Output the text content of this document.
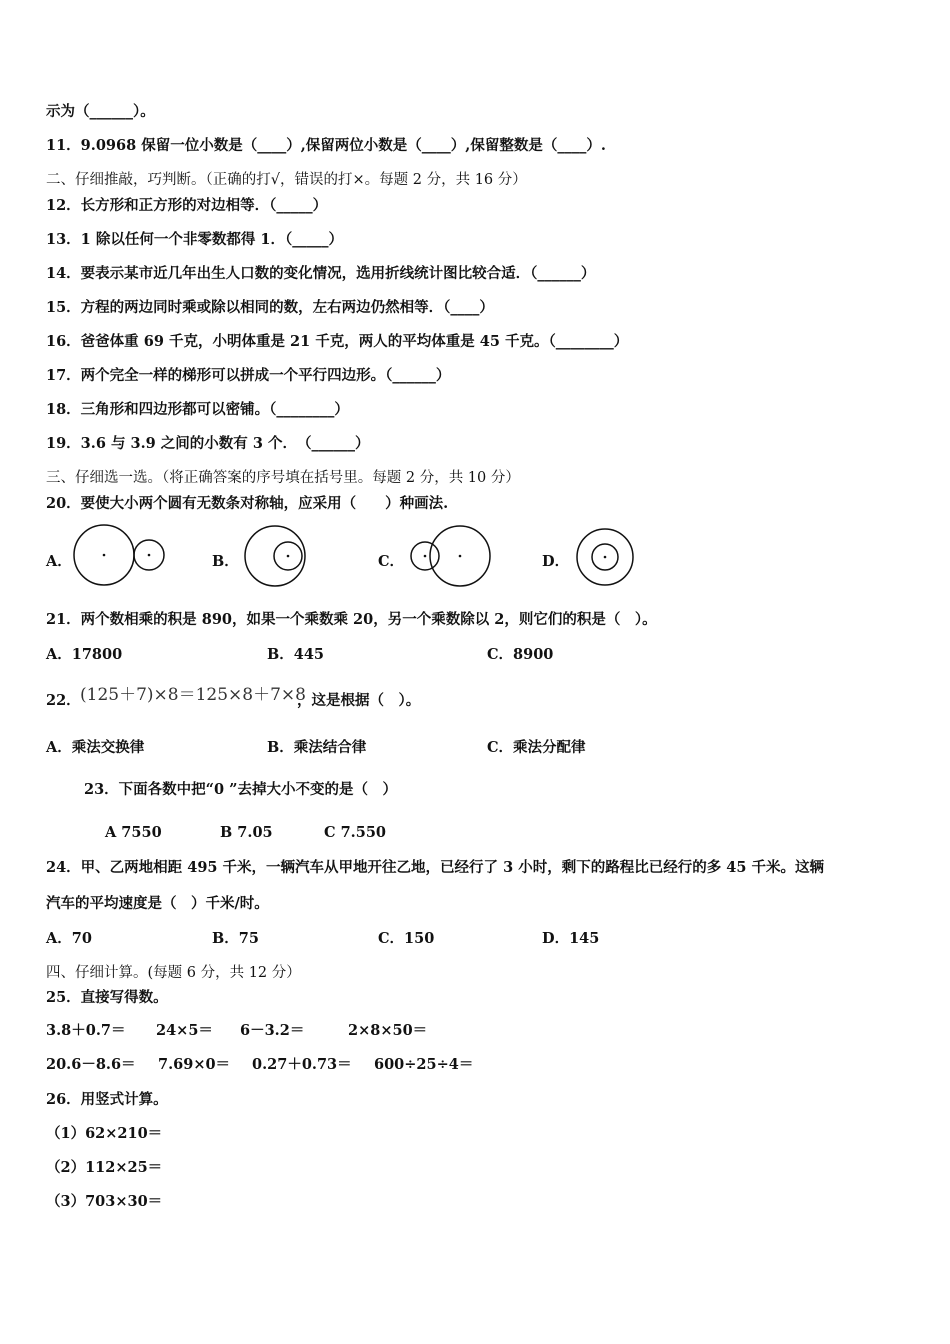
示为（______）。
11．9.0968 保留一位小数是（____）,保留两位小数是（____）,保留整数是（____）.
二、仔细推敲，巧判断。（正确的打√，错误的打×。每题 2 分，共 16 分）
12．长方形和正方形的对边相等．（_____）
13．1 除以任何一个非零数都得 1．（_____）
14．要表示某市近几年出生人口数的变化情况，选用折线统计图比较合适．（______）
15．方程的两边同时乘或除以相同的数，左右两边仍然相等．（____）
16．爸爸体重 69 千克，小明体重是 21 千克，两人的平均体重是 45 千克。（________）
17．两个完全一样的梯形可以拼成一个平行四边形。（______）
18．三角形和四边形都可以密铺。（________）
19．3.6 与 3.9 之间的小数有 3 个．　（______）
三、仔细选一选。（将正确答案的序号填在括号里。每题 2 分，共 10 分）
20．要使大小两个圆有无数条对称轴，应采用（　　）种画法.
A．	B．	C．	D．
21．两个数相乘的积是 890，如果一个乘数乘 20，另一个乘数除以 2，则它们的积是（　）。
A．17800	B．445	C．8900
22． (125＋7)×8＝125×8＋7×8
，这是根据（　）。
A．乘法交换律	B．乘法结合律	C．乘法分配律
23．下面各数中把“0 ”去掉大小不变的是（　）
A 7550	B 7.05	C 7.550
24．甲、乙两地相距 495 千米，一辆汽车从甲地开往乙地，已经行了 3 小时，剩下的路程比已经行的多 45 千米。这辆
汽车的平均速度是（　）千米/时。
A．70	B．75	C．150	D．145
四、仔细计算。(每题 6 分，共 12 分）
25．直接写得数。
3.8＋0.7＝ 24×5＝ 6－3.2＝	2×8×50＝
20.6－8.6＝ 7.69×0＝ 0.27＋0.73＝ 600÷25÷4＝
26．用竖式计算。
（1）62×210＝
（2）112×25＝
（3）703×30＝
